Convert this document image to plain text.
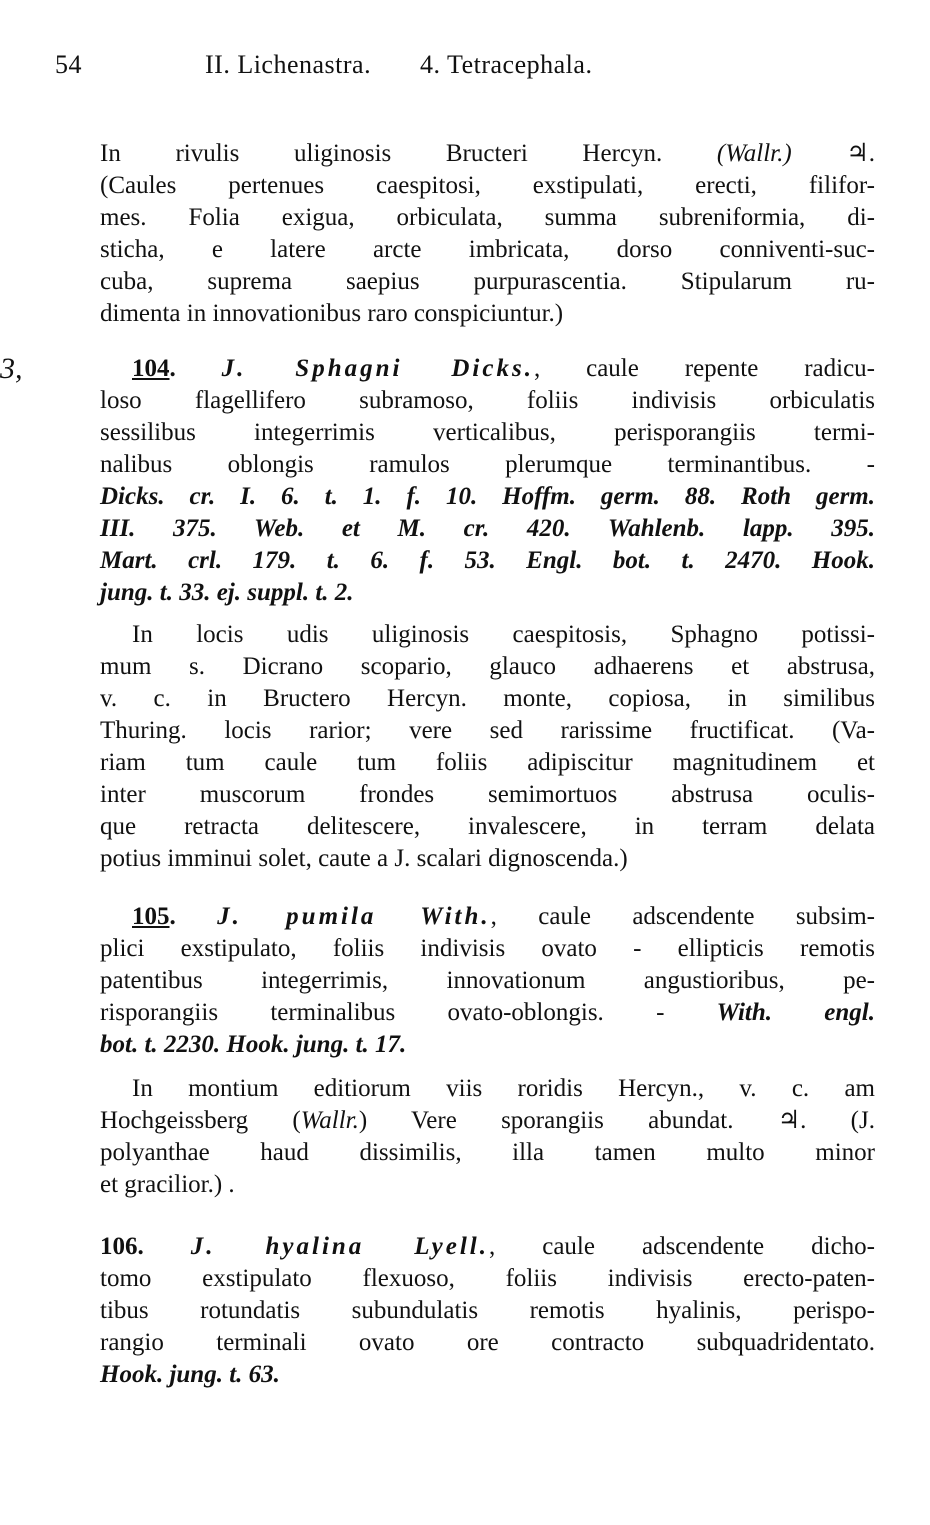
54	II. Lichenastra. 4. Tetracephala.
3,
In rivulis uliginosis Bructeri Hercyn. (Wallr.) ♃.
(Caules pertenues caespitosi, exstipulati, erecti, filifor-
mes. Folia exigua, orbiculata, summa subreniformia, di-
sticha, e latere arcte imbricata, dorso conniventi-suc-
cuba, suprema saepius purpurascentia. Stipularum ru-
dimenta in innovationibus raro conspiciuntur.)
104. J. Sphagni Dicks., caule repente radicu-
loso flagellifero subramoso, foliis indivisis orbiculatis
sessilibus integerrimis verticalibus, perisporangiis termi-
nalibus oblongis ramulos plerumque terminantibus. -
Dicks. cr. I. 6. t. 1. f. 10. Hoffm. germ. 88. Roth germ.
III. 375. Web. et M. cr. 420. Wahlenb. lapp. 395.
Mart. crl. 179. t. 6. f. 53. Engl. bot. t. 2470. Hook.
jung. t. 33. ej. suppl. t. 2.
In locis udis uliginosis caespitosis, Sphagno potissi-
mum s. Dicrano scopario, glauco adhaerens et abstrusa,
v. c. in Bructero Hercyn. monte, copiosa, in similibus
Thuring. locis rarior; vere sed rarissime fructificat. (Va-
riam tum caule tum foliis adipiscitur magnitudinem et
inter muscorum frondes semimortuos abstrusa oculis-
que retracta delitescere, invalescere, in terram delata
potius imminui solet, caute a J. scalari dignoscenda.)
105. J. pumila With., caule adscendente subsim-
plici exstipulato, foliis indivisis ovato - ellipticis remotis
patentibus integerrimis, innovationum angustioribus, pe-
risporangiis terminalibus ovato-oblongis. - With. engl.
bot. t. 2230. Hook. jung. t. 17.
In montium editiorum viis roridis Hercyn., v. c. am
Hochgeissberg (Wallr.) Vere sporangiis abundat. ♃. (J.
polyanthae haud dissimilis, illa tamen multo minor
et gracilior.) .
106. J. hyalina Lyell., caule adscendente dicho-
tomo exstipulato flexuoso, foliis indivisis erecto-paten-
tibus rotundatis subundulatis remotis hyalinis, perispo-
rangio terminali ovato ore contracto subquadridentato.
Hook. jung. t. 63.
